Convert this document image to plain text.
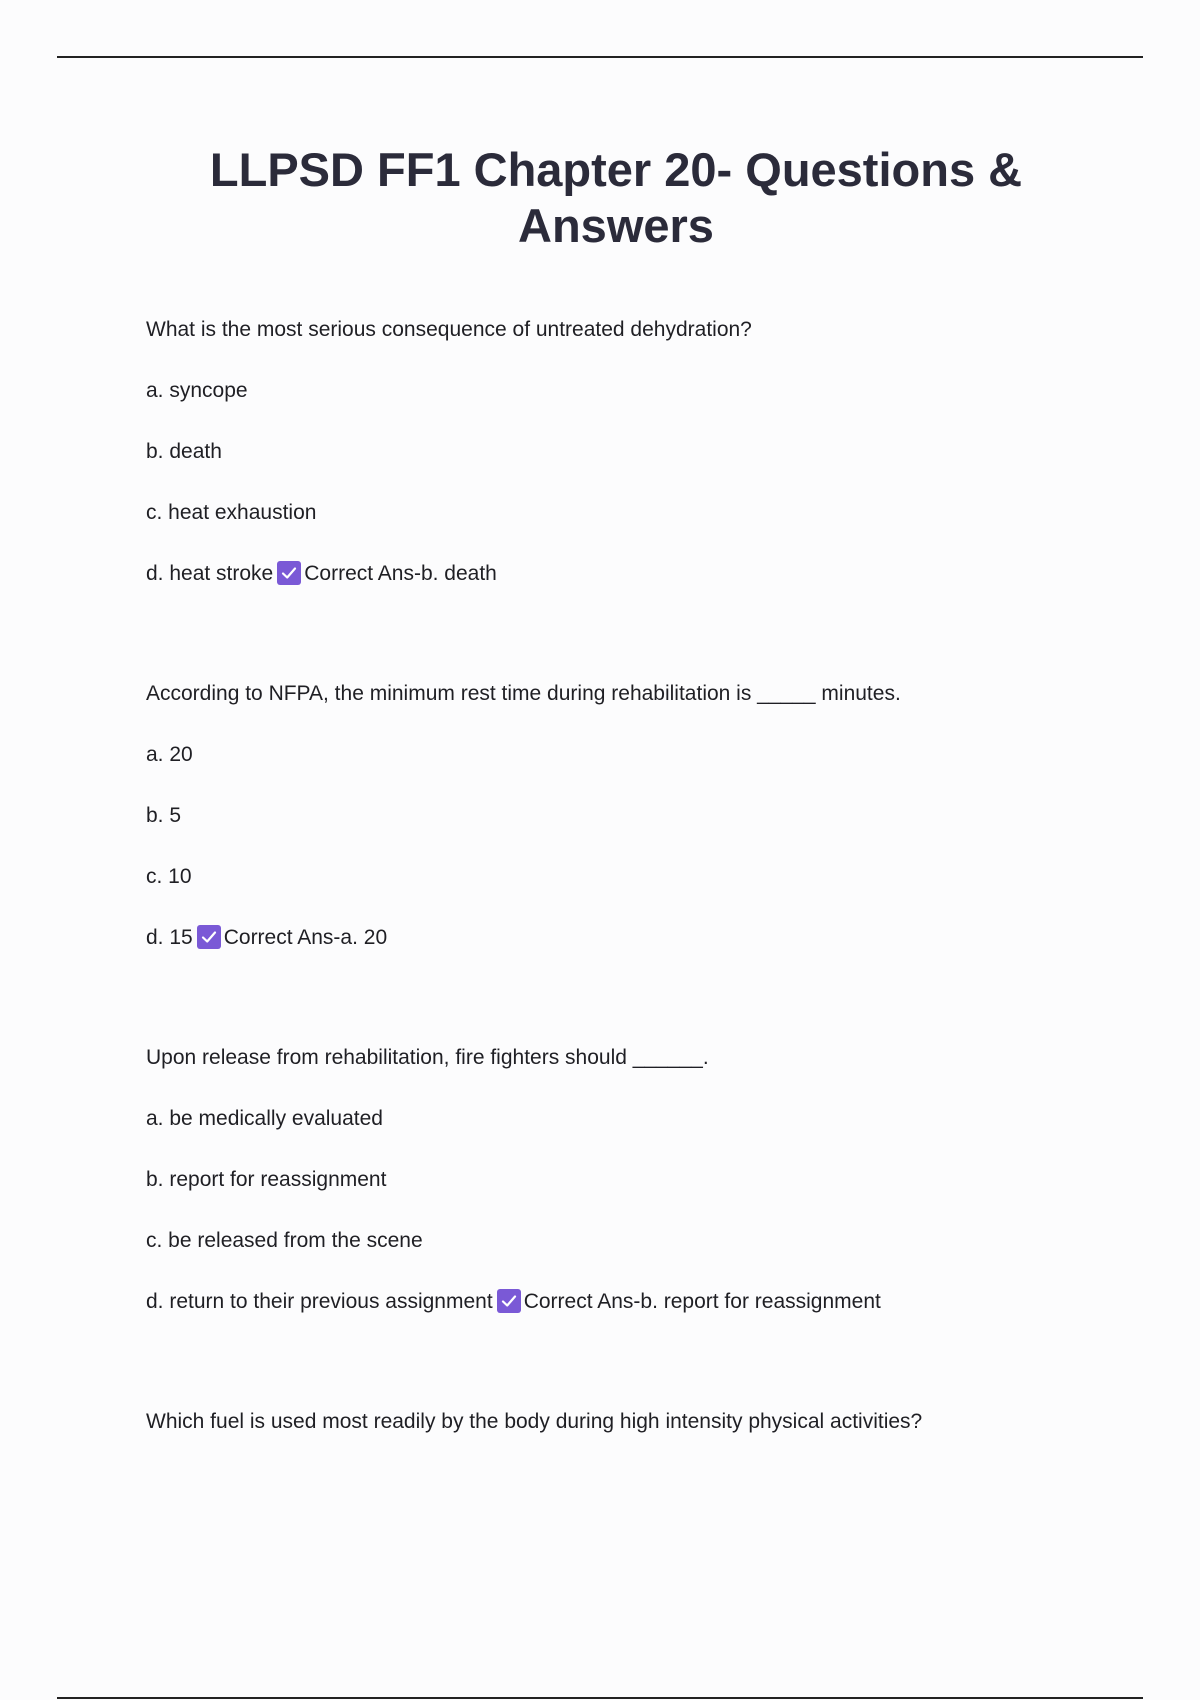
LLPSD FF1 Chapter 20- Questions & Answers
What is the most serious consequence of untreated dehydration?
a. syncope
b. death
c. heat exhaustion
d. heat stroke Correct Ans-b. death
According to NFPA, the minimum rest time during rehabilitation is _____ minutes.
a. 20
b. 5
c. 10
d. 15 Correct Ans-a. 20
Upon release from rehabilitation, fire fighters should ______.
a. be medically evaluated
b. report for reassignment
c. be released from the scene
d. return to their previous assignment Correct Ans-b. report for reassignment
Which fuel is used most readily by the body during high intensity physical activities?
